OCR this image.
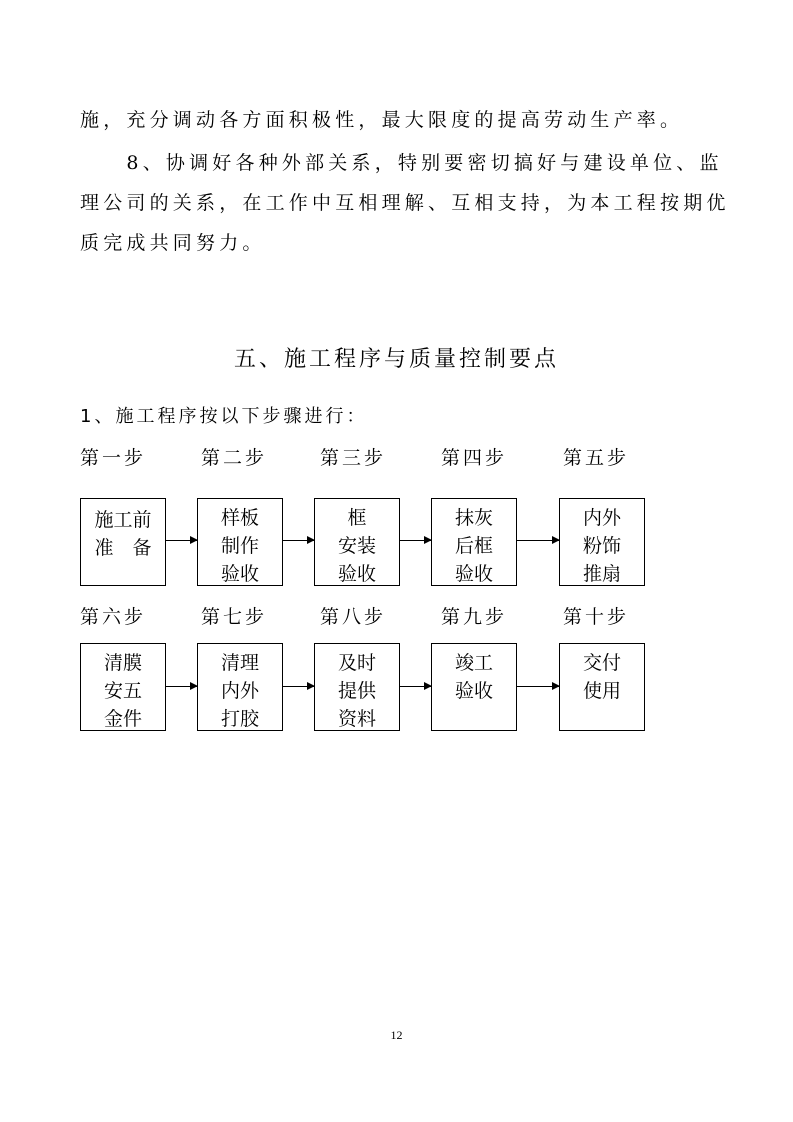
施，充分调动各方面积极性，最大限度的提高劳动生产率。
　　8、协调好各种外部关系，特别要密切搞好与建设单位、监
理公司的关系，在工作中互相理解、互相支持，为本工程按期优
质完成共同努力。
五、施工程序与质量控制要点
1、施工程序按以下步骤进行：
第一步	第二步	第三步	第四步	第五步
施工前
准　备
样板
制作
验收
框
安装
验收
抹灰
后框
验收
内外
粉饰
推扇
第六步	第七步	第八步	第九步	第十步
清膜
安五
金件
清理
内外
打胶
及时
提供
资料
竣工
验收
交付
使用
12
